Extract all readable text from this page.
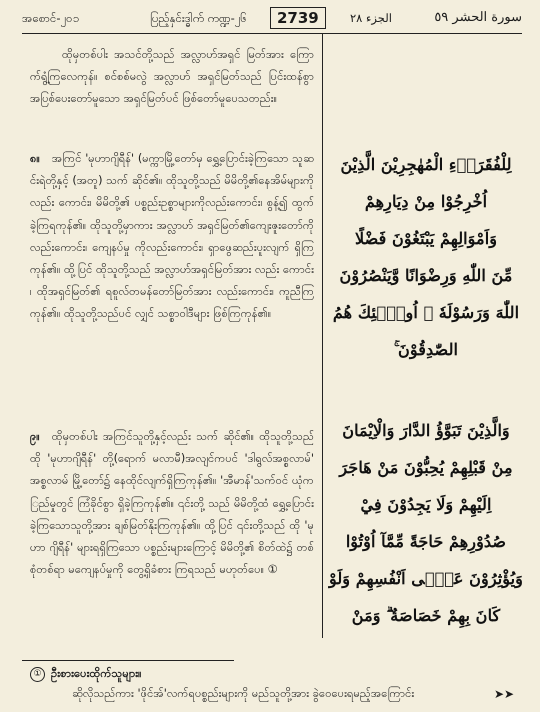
အစောင်-၂၀၁	ပြည့်နှင်းဒ္ဓါက် ကဏ္ဍ-၂၆	2739	الجزء ٢٨	سورة الحشر ٥٩

ထိုမှတစ်ပါး အသင်တို့သည် အလ္လာဟ်အရှင် မြတ်အား ကြောက်ရွံ့ကြလေကုန်။ စင်စစ်မလွဲ အလ္လာဟ် အရှင်မြတ်သည် ပြင်းထန်စွာ အပြစ်ပေးတော်မူသော အရှင်မြတ်ပင် ဖြစ်တော်မူပေသတည်း။

၈။ အကြင် 'မုဟာဂျိရီန်' (မက္ကာမြို့တော်မှ ရွှေ့ပြောင်းခဲ့ကြသော သူဆင်းရဲတို့နှင့် (အတူ) သက် ဆိုင်၏။ ထိုသူတို့သည် မိမိတို့၏နေအိမ်များကိုလည်း ကောင်း၊ မိမိတို့၏ ပစ္စည်းဥစ္စာများကိုလည်းကောင်း၊ စွန့်၍ ထွက်ခဲ့ကြရကုန်၏။ ထိုသူတို့မှာကား အလ္လာဟ် အရှင်မြတ်၏ကျေးဇူးတော်ကိုလည်းကောင်း၊ ကျေနပ်မှု ကိုလည်းကောင်း၊ ရှာဖွေဆည်းပူးလျက် ရှိကြကုန်၏။ ထို့ပြင် ထိုသူတို့သည် အလ္လာဟ်အရှင်မြတ်အား လည်း ကောင်း၊ ထိုအရှင်မြတ်၏ ရစူလ်တမန်တော်မြတ်အား လည်းကောင်း၊ ကူညီကြကုန်၏။ ထိုသူတို့သည်ပင် လျှင် သစ္စာဝါဒီများ ဖြစ်ကြကုန်၏။

لِلْفُقَرَاۤءِ الْمُهٰجِرِيْنَ الَّذِيْنَ
اُخْرِجُوْا مِنْ دِيَارِهِمْ
وَاَمْوَالِهِمْ يَبْتَغُوْنَ فَضْلًا
مِّنَ اللّٰهِ وَرِضْوَانًا وَّيَنْصُرُوْنَ
اللّٰهَ وَرَسُوْلَهٗ ۗ اُولٰۤئِكَ هُمُ
الصّٰدِقُوْنَ ۚ

၉။ ထိုမှတစ်ပါး အကြင်သူတို့နှင့်လည်း သက် ဆိုင်၏။ ထိုသူတို့သည် ထို 'မုဟာဂျိရီန်' တို့(ရောက် မလာမီ)အလျင်ကပင် 'ဒါရွလ်အစ္စလာမ်' အစ္စလာမ် မြို့တော်၌ နေထိုင်လျက်ရှိကြကုန်၏။ 'အီမာန်'သက်ဝင် ယုံကြည်မှုတွင် ကြံခိုင်စွာ ရှိခဲ့ကြကုန်၏။ ၎င်းတို့ သည် မိမိတို့ထံ ရွှေ့ပြောင်းခဲ့ကြသောသူတို့အား ချစ်မြတ်နိုးကြကုန်၏။ ထို့ပြင် ၎င်းတို့သည် ထို 'မုဟာ ဂျိရီန်' များရရှိကြသော ပစ္စည်းများကြောင့် မိမိတို့၏ စိတ်ထဲ၌ တစ်စုံတစ်ရာ မကျေနပ်မှုကို တွေ့ရှိခံစား ကြရသည် မဟုတ်ပေ။ ①

وَالَّذِيْنَ تَبَوَّؤُ الدَّارَ وَالْاِيْمَانَ
مِنْ قَبْلِهِمْ يُحِبُّوْنَ مَنْ هَاجَرَ
اِلَيْهِمْ وَلَا يَجِدُوْنَ فِيْ
صُدُوْرِهِمْ حَاجَةً مِّمَّآ اُوْتُوْا
وَيُؤْثِرُوْنَ عَلٰۤى اَنْفُسِهِمْ وَلَوْ
كَانَ بِهِمْ خَصَاصَةٌ ۗ وَمَنْ
① ဦးစားပေးထိုက်သူများ။
ဆိုလိုသည်ကား 'ဖိုင်အ်'လက်ရပစ္စည်းများကို မည်သူတို့အား ခွဲဝေပေးရမည့်အကြောင်း	➤➤
